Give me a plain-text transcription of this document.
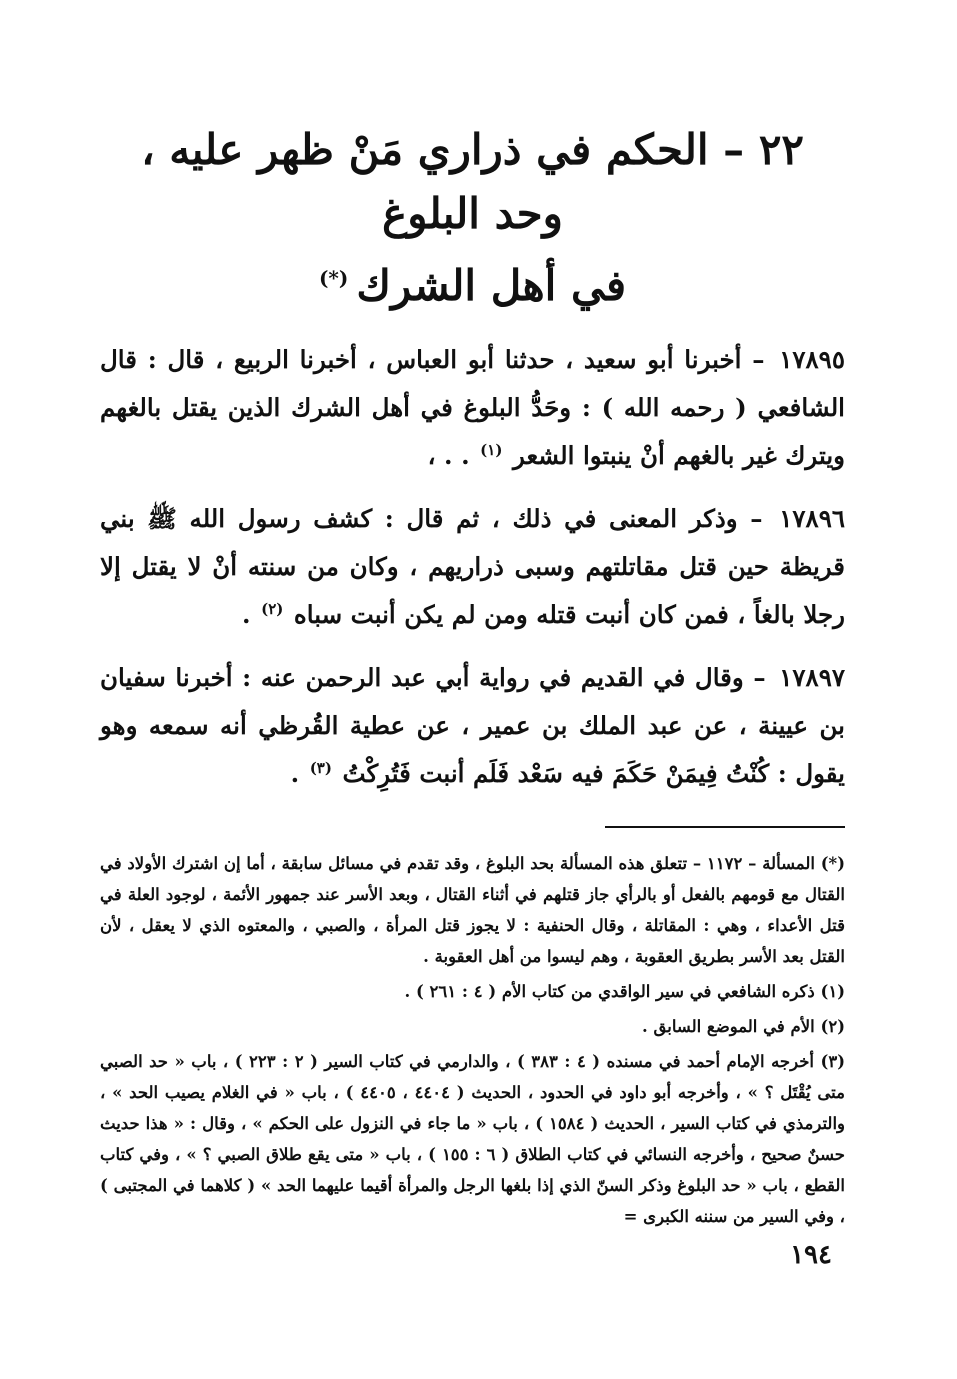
٢٢ – الحكم في ذراري مَنْ ظهر عليه ، وحد البلوغ
في أهل الشرك(*)

١٧٨٩٥ – أخبرنا أبو سعيد ، حدثنا أبو العباس ، أخبرنا الربيع ، قال : قال الشافعي ( رحمه الله ) : وحَدُّ البلوغ في أهل الشرك الذين يقتل بالغهم ويترك غير بالغهم أنْ ينبتوا الشعر $^{(١)}$ . . ،

١٧٨٩٦ – وذكر المعنى في ذلك ، ثم قال : كشف رسول الله ﷺ بني قريظة حين قتل مقاتلتهم وسبى ذراريهم ، وكان من سنته أنْ لا يقتل إلا رجلا بالغاً ، فمن كان أنبت قتله ومن لم يكن أنبت سباه $^{(٢)}$ .

١٧٨٩٧ – وقال في القديم في رواية أبي عبد الرحمن عنه : أخبرنا سفيان بن عيينة ، عن عبد الملك بن عمير ، عن عطية القُرظي أنه سمعه وهو يقول : كُنْتُ فِيمَنْ حَكَمَ فيه سَعْد فَلَم أنبت فَتُرِكْتُ $^{(٣)}$ .

(*) المسألة – ١١٧٢ – تتعلق هذه المسألة بحد البلوغ ، وقد تقدم في مسائل سابقة ، أما إن اشترك الأولاد في القتال مع قومهم بالفعل أو بالرأي جاز قتلهم في أثناء القتال ، وبعد الأسر عند جمهور الأئمة ، لوجود العلة في قتل الأعداء ، وهي : المقاتلة ، وقال الحنفية : لا يجوز قتل المرأة ، والصبي ، والمعتوه الذي لا يعقل ، لأن القتل بعد الأسر بطريق العقوبة ، وهم ليسوا من أهل العقوبة .

(١) ذكره الشافعي في سير الواقدي من كتاب الأم ( ٤ : ٢٦١ ) .

(٢) الأم في الموضع السابق .

(٣) أخرجه الإمام أحمد في مسنده ( ٤ : ٣٨٣ ) ، والدارمي في كتاب السير ( ٢ : ٢٢٣ ) ، باب « حد الصبي متى يُقْتَل ؟ » ، وأخرجه أبو داود في الحدود ، الحديث ( ٤٤٠٤ ، ٤٤٠٥ ) ، باب « في الغلام يصيب الحد » ، والترمذي في كتاب السير ، الحديث ( ١٥٨٤ ) ، باب « ما جاء في النزول على الحكم » ، وقال : « هذا حديث حسنٌ صحيح ، وأخرجه النسائي في كتاب الطلاق ( ٦ : ١٥٥ ) ، باب « متى يقع طلاق الصبي ؟ » ، وفي كتاب القطع ، باب « حد البلوغ وذكر السنّ الذي إذا بلغها الرجل والمرأة أقيما عليهما الحد » ( كلاهما في المجتبى ) ، وفي السير من سننه الكبرى =

١٩٤
